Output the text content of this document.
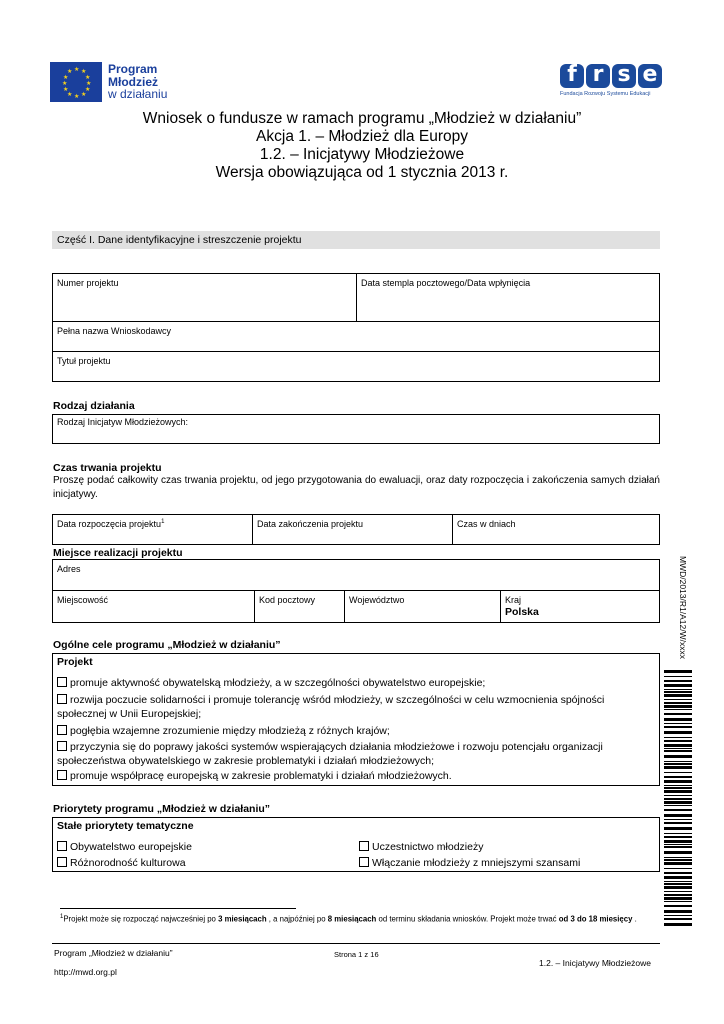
★ ★
★
★
★
★
★
★
★
★
★
★	Program
Młodzież
w działaniu
f r s e
Fundacja Rozwoju Systemu Edukacji
Wniosek o fundusze w ramach programu „Młodzież w działaniu”
Akcja 1. – Młodzież dla Europy
1.2. – Inicjatywy Młodzieżowe
Wersja obowiązująca od 1 stycznia 2013 r.
Część I. Dane identyfikacyjne i streszczenie projektu
Numer projektu	Data stempla pocztowego/Data wpłynięcia
Pełna nazwa Wnioskodawcy
Tytuł projektu
Rodzaj działania
Rodzaj Inicjatyw Młodzieżowych:
Czas trwania projektu
Proszę podać całkowity czas trwania projektu, od jego przygotowania do ewaluacji, oraz daty rozpoczęcia i zakończenia samych działań inicjatywy.
Data rozpoczęcia projektu$^1$	Data zakończenia projektu	Czas w dniach
Miejsce realizacji projektu
Adres
Miejscowość	Kod pocztowy	Województwo	Kraj
Polska
Ogólne cele programu „Młodzież w działaniu”
Projekt
promuje aktywność obywatelską młodzieży, a w szczególności obywatelstwo europejskie;
rozwija poczucie solidarności i promuje tolerancję wśród młodzieży, w szczególności w celu wzmocnienia spójności społecznej w Unii Europejskiej;
pogłębia wzajemne zrozumienie między młodzieżą z różnych krajów;
przyczynia się do poprawy jakości systemów wspierających działania młodzieżowe i rozwoju potencjału organizacji społeczeństwa obywatelskiego w zakresie problematyki i działań młodzieżowych;
promuje współpracę europejską w zakresie problematyki i działań młodzieżowych.
Priorytety programu „Młodzież w działaniu”
Stałe priorytety tematyczne
Obywatelstwo europejskie	Uczestnictwo młodzieży
Różnorodność kulturowa	Włączanie młodzieży z mniejszymi szansami
MWD/2013/R1/A12/W/xxxx
$^1$Projekt może się rozpocząć najwcześniej po 3 miesiącach , a najpóźniej po 8 miesiącach od terminu składania wniosków. Projekt może trwać od 3 do 18 miesięcy .
Program „Młodzież w działaniu”	Strona 1 z 16
http://mwd.org.pl
1.2. – Inicjatywy Młodzieżowe
